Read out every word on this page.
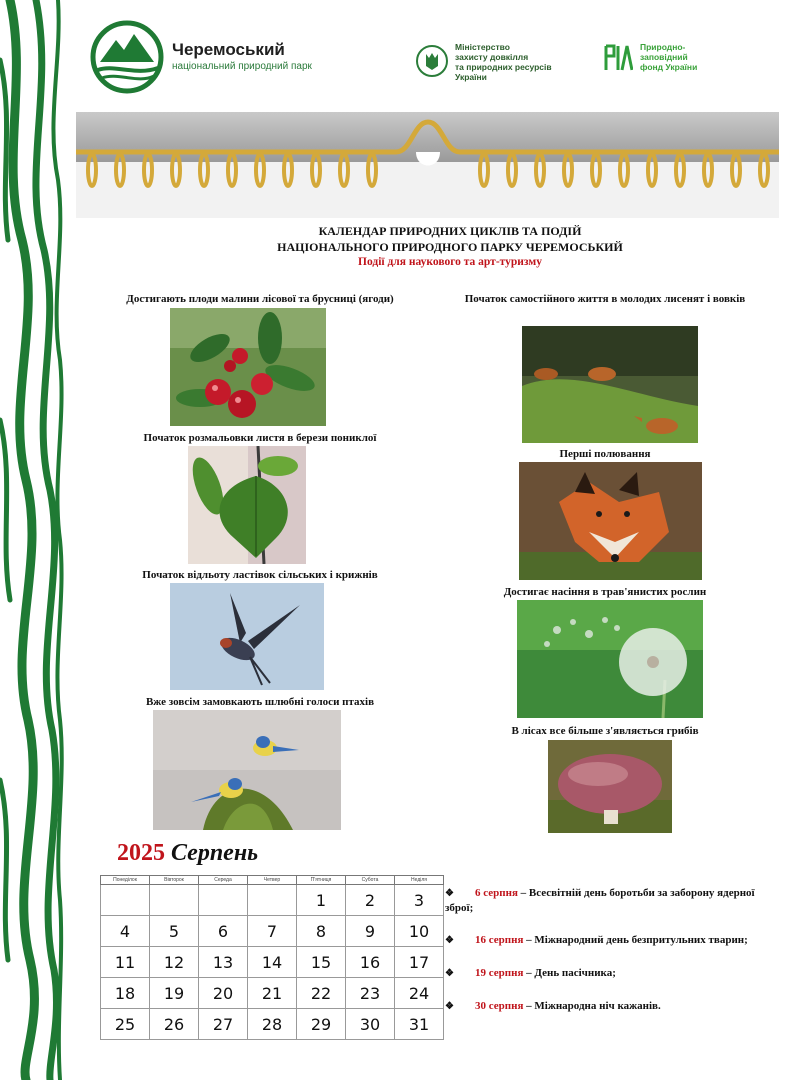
Черемоський
національний природний парк
Міністерство
захисту довкілля
та природних ресурсів
України
Природно-
заповідний
фонд України
КАЛЕНДАР ПРИРОДНИХ ЦИКЛІВ ТА ПОДІЙ
НАЦІОНАЛЬНОГО ПРИРОДНОГО ПАРКУ ЧЕРЕМОСЬКИЙ
Події для наукового та арт-туризму
Достигають плоди малини лісової та брусниці (ягоди)
Початок розмальовки листя в берези пониклої
Початок відльоту ластівок сільських і крижнів
Вже зовсім замовкають шлюбні голоси птахів
Початок самостійного життя в молодих лисенят і вовків
Перші полювання
Достигає насіння в трав'янистих рослин
В лісах все більше з'являється грибів
2025 Серпень
Понеділок	Вівторок	Середа	Четвер	П'ятниця	Субота	Неділя
				1	2	3
4	5	6	7	8	9	10
11	12	13	14	15	16	17
18	19	20	21	22	23	24
25	26	27	28	29	30	31
❖ 6 серпня – Всесвітній день боротьби за заборону ядерної зброї;
❖ 16 серпня – Міжнародний день безпритульних тварин;
❖ 19 серпня – День пасічника;
❖ 30 серпня – Міжнародна ніч кажанів.
